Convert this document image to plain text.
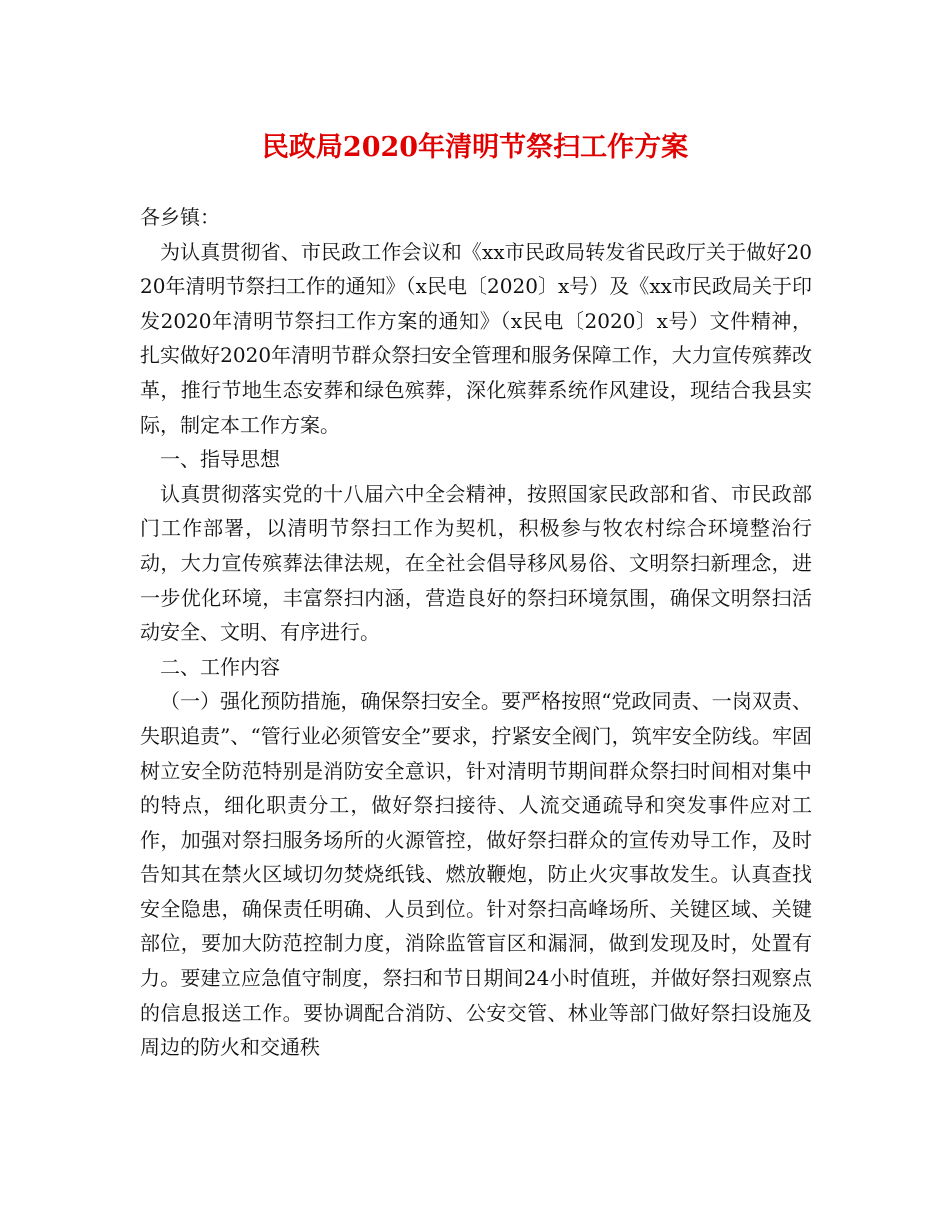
民政局2020年清明节祭扫工作方案

各乡镇：

为认真贯彻省、市民政工作会议和《xx市民政局转发省民政厅关于做好2020年清明节祭扫工作的通知》（x民电〔2020〕x号）及《xx市民政局关于印发2020年清明节祭扫工作方案的通知》（x民电〔2020〕x号）文件精神，扎实做好2020年清明节群众祭扫安全管理和服务保障工作，大力宣传殡葬改革，推行节地生态安葬和绿色殡葬，深化殡葬系统作风建设，现结合我县实际，制定本工作方案。

一、指导思想

认真贯彻落实党的十八届六中全会精神，按照国家民政部和省、市民政部门工作部署，以清明节祭扫工作为契机，积极参与牧农村综合环境整治行动，大力宣传殡葬法律法规，在全社会倡导移风易俗、文明祭扫新理念，进一步优化环境，丰富祭扫内涵，营造良好的祭扫环境氛围，确保文明祭扫活动安全、文明、有序进行。

二、工作内容

（一）强化预防措施，确保祭扫安全。要严格按照“党政同责、一岗双责、失职追责”、“管行业必须管安全”要求，拧紧安全阀门，筑牢安全防线。牢固树立安全防范特别是消防安全意识，针对清明节期间群众祭扫时间相对集中的特点，细化职责分工，做好祭扫接待、人流交通疏导和突发事件应对工作，加强对祭扫服务场所的火源管控，做好祭扫群众的宣传劝导工作，及时告知其在禁火区域切勿焚烧纸钱、燃放鞭炮，防止火灾事故发生。认真查找安全隐患，确保责任明确、人员到位。针对祭扫高峰场所、关键区域、关键部位，要加大防范控制力度，消除监管盲区和漏洞，做到发现及时，处置有力。要建立应急值守制度，祭扫和节日期间24小时值班，并做好祭扫观察点的信息报送工作。要协调配合消防、公安交管、林业等部门做好祭扫设施及周边的防火和交通秩
